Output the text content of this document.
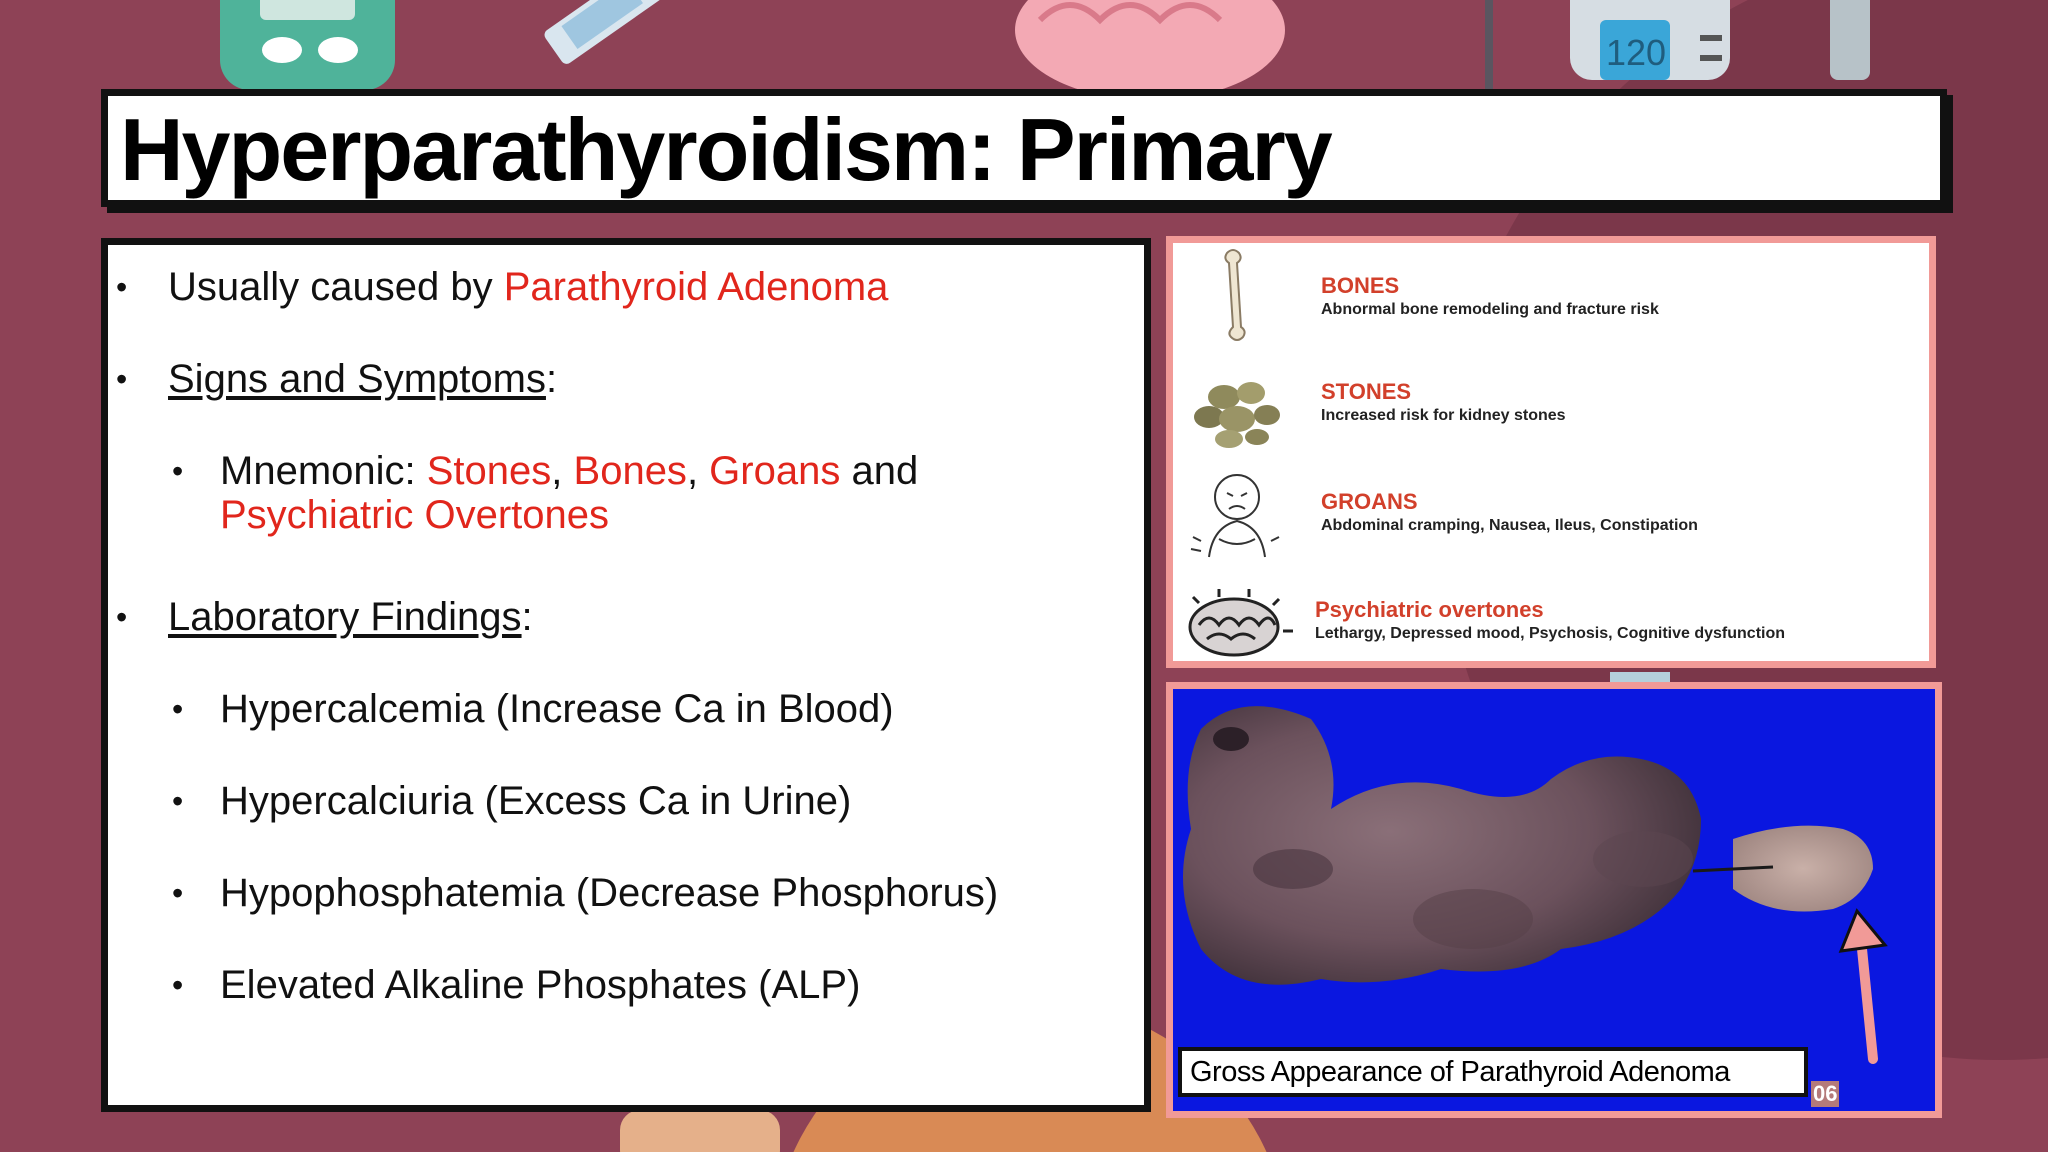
120
Hyperparathyroidism: Primary
• Usually caused by Parathyroid Adenoma
• Signs and Symptoms:
• Mnemonic: Stones, Bones, Groans and
Psychiatric Overtones
• Laboratory Findings:
• Hypercalcemia (Increase Ca in Blood)
• Hypercalciuria (Excess Ca in Urine)
• Hypophosphatemia (Decrease Phosphorus)
• Elevated Alkaline Phosphates (ALP)
BONES
Abnormal bone remodeling and fracture risk
STONES
Increased risk for kidney stones
GROANS
Abdominal cramping, Nausea, Ileus, Constipation
Psychiatric overtones
Lethargy, Depressed mood, Psychosis, Cognitive dysfunction
Gross Appearance of Parathyroid Adenoma
06
